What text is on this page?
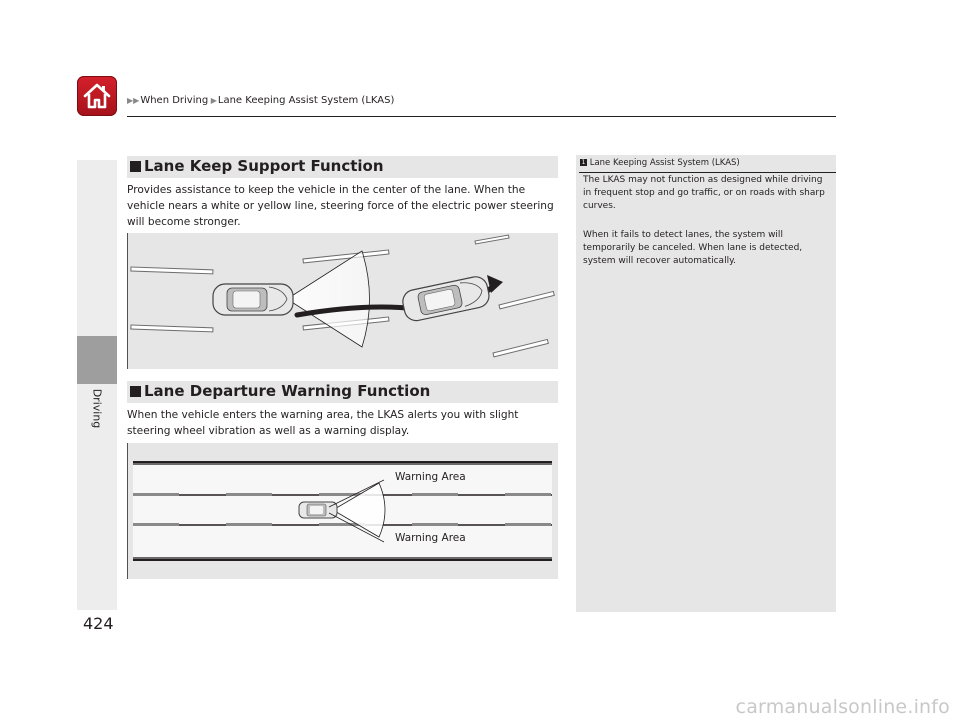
▶▶When Driving ▶Lane Keeping Assist System (LKAS)
Driving
Lane Keep Support Function
Provides assistance to keep the vehicle in the center of the lane. When the vehicle nears a white or yellow line, steering force of the electric power steering will become stronger.
Lane Departure Warning Function
When the vehicle enters the warning area, the LKAS alerts you with slight steering wheel vibration as well as a warning display.
Warning Area
Warning Area
1 Lane Keeping Assist System (LKAS)
The LKAS may not function as designed while driving in frequent stop and go traffic, or on roads with sharp curves.
When it fails to detect lanes, the system will temporarily be canceled. When lane is detected, system will recover automatically.
424
carmanualsonline.info
